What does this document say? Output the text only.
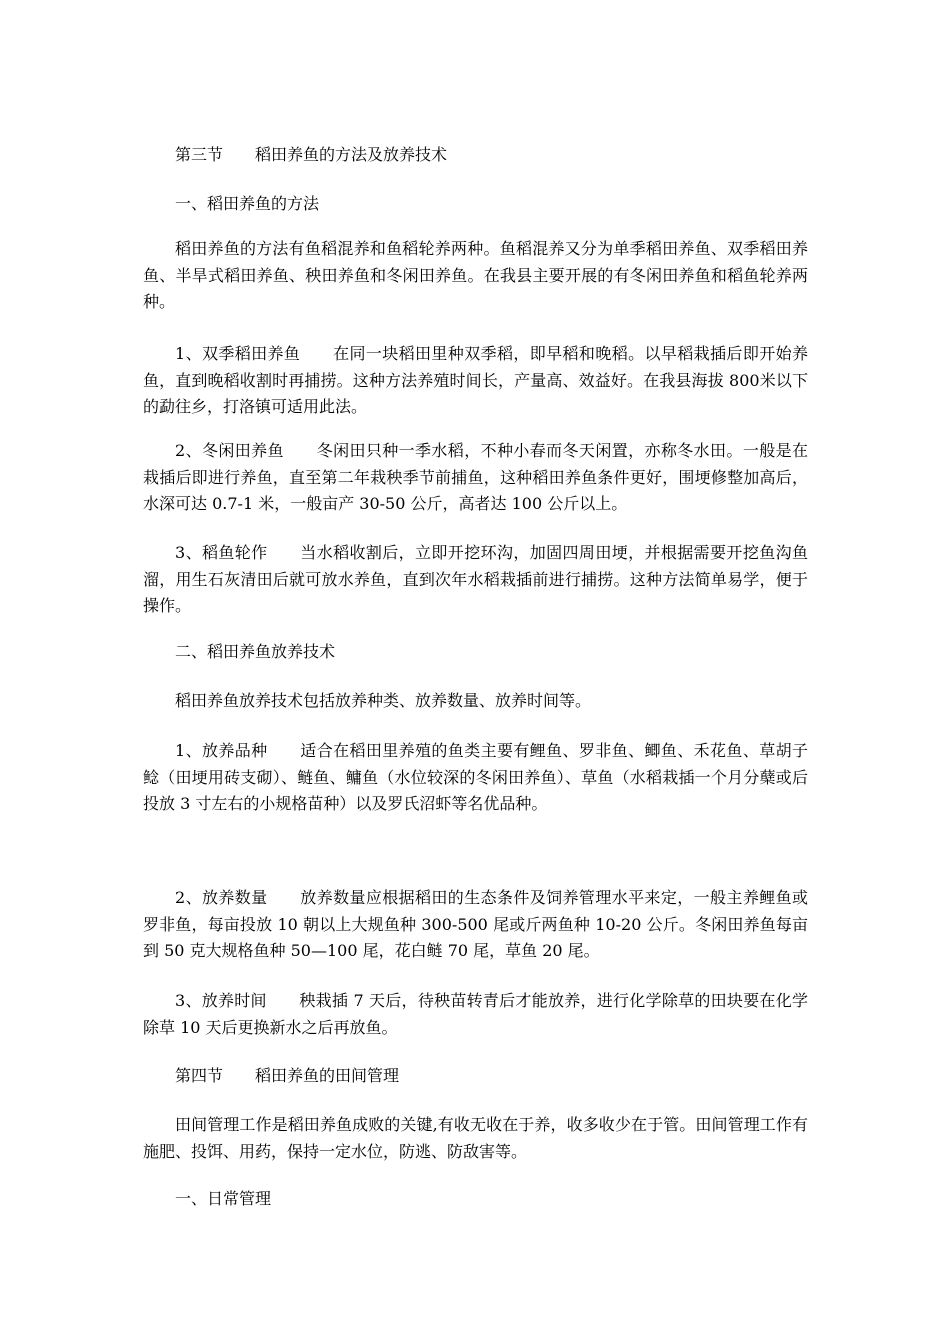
第三节　　稻田养鱼的方法及放养技术

一、稻田养鱼的方法

稻田养鱼的方法有鱼稻混养和鱼稻轮养两种。鱼稻混养又分为单季稻田养鱼、双季稻田养鱼、半旱式稻田养鱼、秧田养鱼和冬闲田养鱼。在我县主要开展的有冬闲田养鱼和稻鱼轮养两种。

1、双季稻田养鱼　　在同一块稻田里种双季稻，即早稻和晚稻。以早稻栽插后即开始养鱼，直到晚稻收割时再捕捞。这种方法养殖时间长，产量高、效益好。在我县海拔 800米以下的勐往乡，打洛镇可适用此法。

2、冬闲田养鱼　　冬闲田只种一季水稻，不种小春而冬天闲置，亦称冬水田。一般是在栽插后即进行养鱼，直至第二年栽秧季节前捕鱼，这种稻田养鱼条件更好，围埂修整加高后，水深可达 0.7-1 米，一般亩产 30-50 公斤，高者达 100 公斤以上。

3、稻鱼轮作　　当水稻收割后，立即开挖环沟，加固四周田埂，并根据需要开挖鱼沟鱼溜，用生石灰清田后就可放水养鱼，直到次年水稻栽插前进行捕捞。这种方法简单易学，便于操作。

二、稻田养鱼放养技术

稻田养鱼放养技术包括放养种类、放养数量、放养时间等。

1、放养品种　　适合在稻田里养殖的鱼类主要有鲤鱼、罗非鱼、鲫鱼、禾花鱼、草胡子鲶（田埂用砖支砌）、鲢鱼、鳙鱼（水位较深的冬闲田养鱼）、草鱼（水稻栽插一个月分蘖或后投放 3 寸左右的小规格苗种）以及罗氏沼虾等名优品种。

2、放养数量　　放养数量应根据稻田的生态条件及饲养管理水平来定，一般主养鲤鱼或罗非鱼，每亩投放 10 朝以上大规鱼种 300-500 尾或斤两鱼种 10-20 公斤。冬闲田养鱼每亩到 50 克大规格鱼种 50—100 尾，花白鲢 70 尾，草鱼 20 尾。

3、放养时间　　秧栽插 7 天后，待秧苗转青后才能放养，进行化学除草的田块要在化学除草 10 天后更换新水之后再放鱼。

第四节　　稻田养鱼的田间管理

田间管理工作是稻田养鱼成败的关键,有收无收在于养，收多收少在于管。田间管理工作有施肥、投饵、用药，保持一定水位，防逃、防敌害等。

一、日常管理
